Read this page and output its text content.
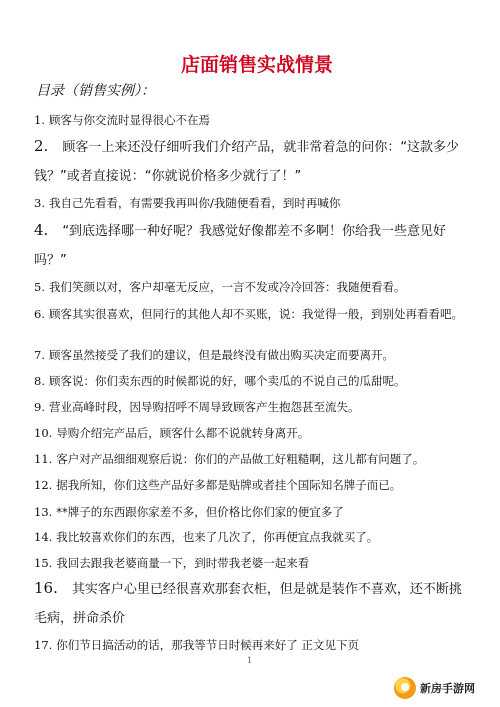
店面销售实战情景
目录（销售实例）：
1. 顾客与你交流时显得很心不在焉
2. 顾客一上来还没仔细听我们介绍产品，就非常着急的问你：“这款多少钱？”或者直接说：“你就说价格多少就行了！”
3. 我自己先看看，有需要我再叫你/我随便看看，到时再喊你
4. “到底选择哪一种好呢？我感觉好像都差不多啊！你给我一些意见好吗？”
5. 我们笑颜以对，客户却毫无反应，一言不发或冷冷回答：我随便看看。
6. 顾客其实很喜欢，但同行的其他人却不买账，说：我觉得一般，到别处再看看吧。
7. 顾客虽然接受了我们的建议，但是最终没有做出购买决定而要离开。
8. 顾客说：你们卖东西的时候都说的好，哪个卖瓜的不说自己的瓜甜呢。
9. 营业高峰时段，因导购招呼不周导致顾客产生抱怨甚至流失。
10. 导购介绍完产品后，顾客什么都不说就转身离开。
11. 客户对产品细细观察后说：你们的产品做工好粗糙啊，这儿都有问题了。
12. 据我所知，你们这些产品好多都是贴牌或者挂个国际知名牌子而已。
13. **牌子的东西跟你家差不多，但价格比你们家的便宜多了
14. 我比较喜欢你们的东西，也来了几次了，你再便宜点我就买了。
15. 我回去跟我老婆商量一下，到时带我老婆一起来看
16. 其实客户心里已经很喜欢那套衣柜，但是就是装作不喜欢，还不断挑毛病，拼命杀价
17. 你们节日搞活动的话，那我等节日时候再来好了 正文见下页
1
新房手游网
